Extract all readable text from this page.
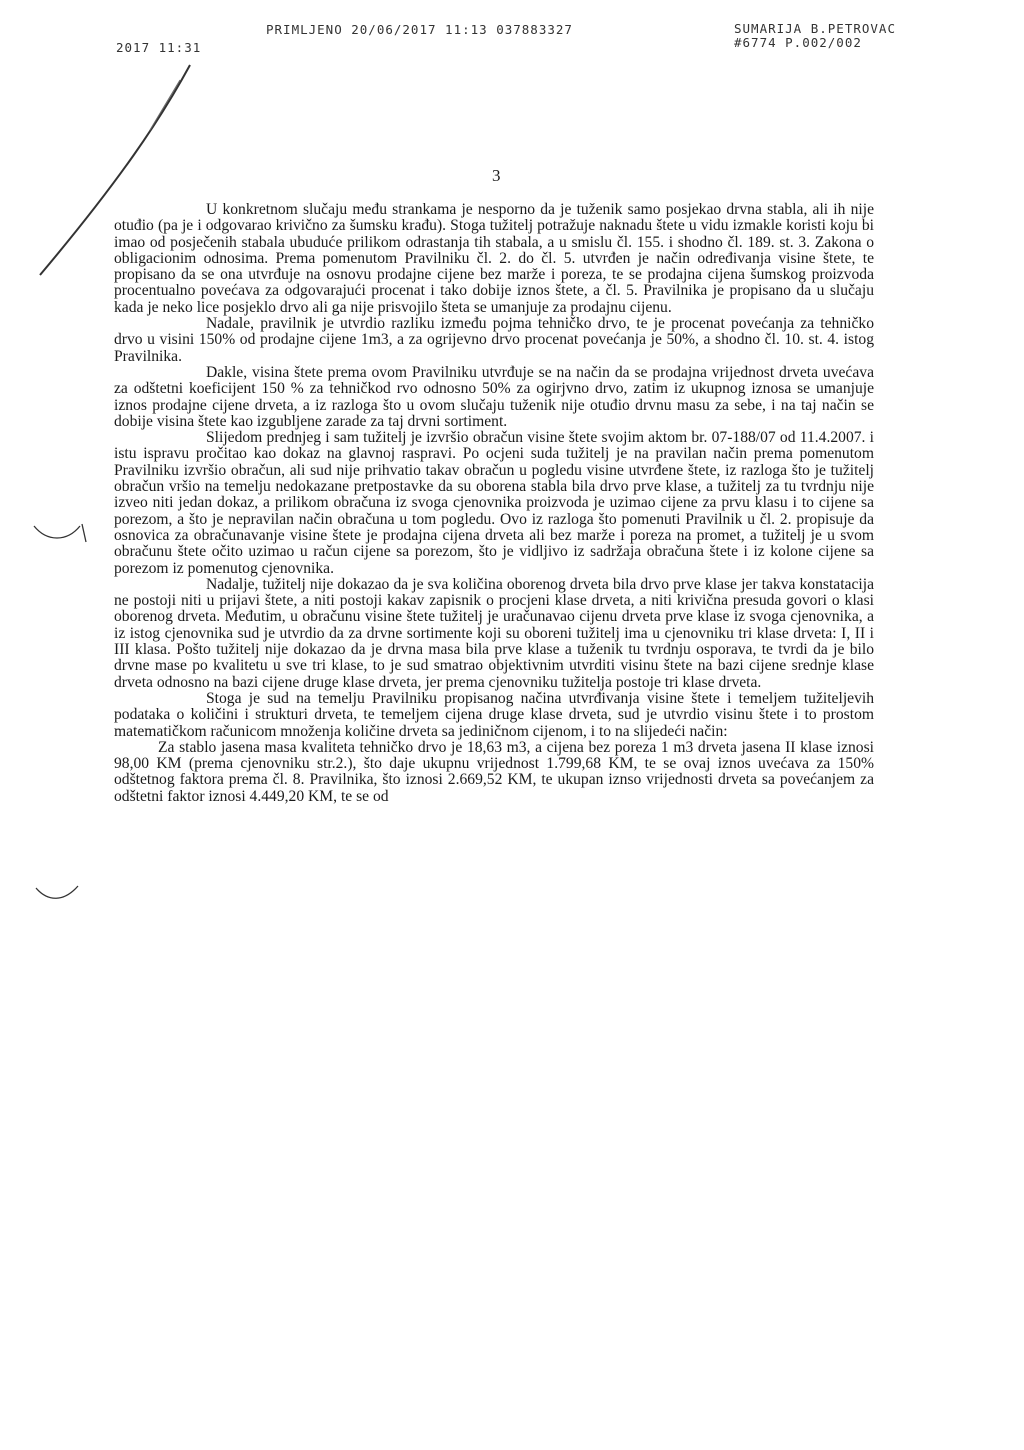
2017 11:31
PRIMLJENO 20/06/2017 11:13 037883327	SUMARIJA B.PETROVAC
#6774 P.002/002
3

U konkretnom slučaju među strankama je nesporno da je tuženik samo posjekao drvna stabla, ali ih nije otuđio (pa je i odgovarao krivično za šumsku krađu). Stoga tužitelj potražuje naknadu štete u vidu izmakle koristi koju bi imao od posječenih stabala ubuduće prilikom odrastanja tih stabala, a u smislu čl. 155. i shodno čl. 189. st. 3. Zakona o obligacionim odnosima. Prema pomenutom Pravilniku čl. 2. do čl. 5. utvrđen je način određivanja visine štete, te propisano da se ona utvrđuje na osnovu prodajne cijene bez marže i poreza, te se prodajna cijena šumskog proizvoda procentualno povećava za odgovarajući procenat i tako dobije iznos štete, a čl. 5. Pravilnika je propisano da u slučaju kada je neko lice posjeklo drvo ali ga nije prisvojilo šteta se umanjuje za prodajnu cijenu.

Nadale, pravilnik je utvrdio razliku između pojma tehničko drvo, te je procenat povećanja za tehničko drvo u visini 150% od prodajne cijene 1m3, a za ogrijevno drvo procenat povećanja je 50%, a shodno čl. 10. st. 4. istog Pravilnika.

Dakle, visina štete prema ovom Pravilniku utvrđuje se na način da se prodajna vrijednost drveta uvećava za odštetni koeficijent 150 % za tehničkod rvo odnosno 50% za ogirjvno drvo, zatim iz ukupnog iznosa se umanjuje iznos prodajne cijene drveta, a iz razloga što u ovom slučaju tuženik nije otuđio drvnu masu za sebe, i na taj način se dobije visina štete kao izgubljene zarade za taj drvni sortiment.

Slijedom prednjeg i sam tužitelj je izvršio obračun visine štete svojim aktom br. 07-188/07 od 11.4.2007. i istu ispravu pročitao kao dokaz na glavnoj raspravi. Po ocjeni suda tužitelj je na pravilan način prema pomenutom Pravilniku izvršio obračun, ali sud nije prihvatio takav obračun u pogledu visine utvrđene štete, iz razloga što je tužitelj obračun vršio na temelju nedokazane pretpostavke da su oborena stabla bila drvo prve klase, a tužitelj za tu tvrdnju nije izveo niti jedan dokaz, a prilikom obračuna iz svoga cjenovnika proizvoda je uzimao cijene za prvu klasu i to cijene sa porezom, a što je nepravilan način obračuna u tom pogledu. Ovo iz razloga što pomenuti Pravilnik u čl. 2. propisuje da osnovica za obračunavanje visine štete je prodajna cijena drveta ali bez marže i poreza na promet, a tužitelj je u svom obračunu štete očito uzimao u račun cijene sa porezom, što je vidljivo iz sadržaja obračuna štete i iz kolone cijene sa porezom iz pomenutog cjenovnika.

Nadalje, tužitelj nije dokazao da je sva količina oborenog drveta bila drvo prve klase jer takva konstatacija ne postoji niti u prijavi štete, a niti postoji kakav zapisnik o procjeni klase drveta, a niti krivična presuda govori o klasi oborenog drveta. Međutim, u obračunu visine štete tužitelj je uračunavao cijenu drveta prve klase iz svoga cjenovnika, a iz istog cjenovnika sud je utvrdio da za drvne sortimente koji su oboreni tužitelj ima u cjenovniku tri klase drveta: I, II i III klasa. Pošto tužitelj nije dokazao da je drvna masa bila prve klase a tuženik tu tvrdnju osporava, te tvrdi da je bilo drvne mase po kvalitetu u sve tri klase, to je sud smatrao objektivnim utvrditi visinu štete na bazi cijene srednje klase drveta odnosno na bazi cijene druge klase drveta, jer prema cjenovniku tužitelja postoje tri klase drveta.

Stoga je sud na temelju Pravilniku propisanog načina utvrđivanja visine štete i temeljem tužiteljevih podataka o količini i strukturi drveta, te temeljem cijena druge klase drveta, sud je utvrdio visinu štete i to prostom matematičkom računicom množenja količine drveta sa jediničnom cijenom, i to na slijedeći način:

Za stablo jasena masa kvaliteta tehničko drvo je 18,63 m3, a cijena bez poreza 1 m3 drveta jasena II klase iznosi 98,00 KM (prema cjenovniku str.2.), što daje ukupnu vrijednost 1.799,68 KM, te se ovaj iznos uvećava za 150% odštetnog faktora prema čl. 8. Pravilnika, što iznosi 2.669,52 KM, te ukupan iznso vrijednosti drveta sa povećanjem za odštetni faktor iznosi 4.449,20 KM, te se od
